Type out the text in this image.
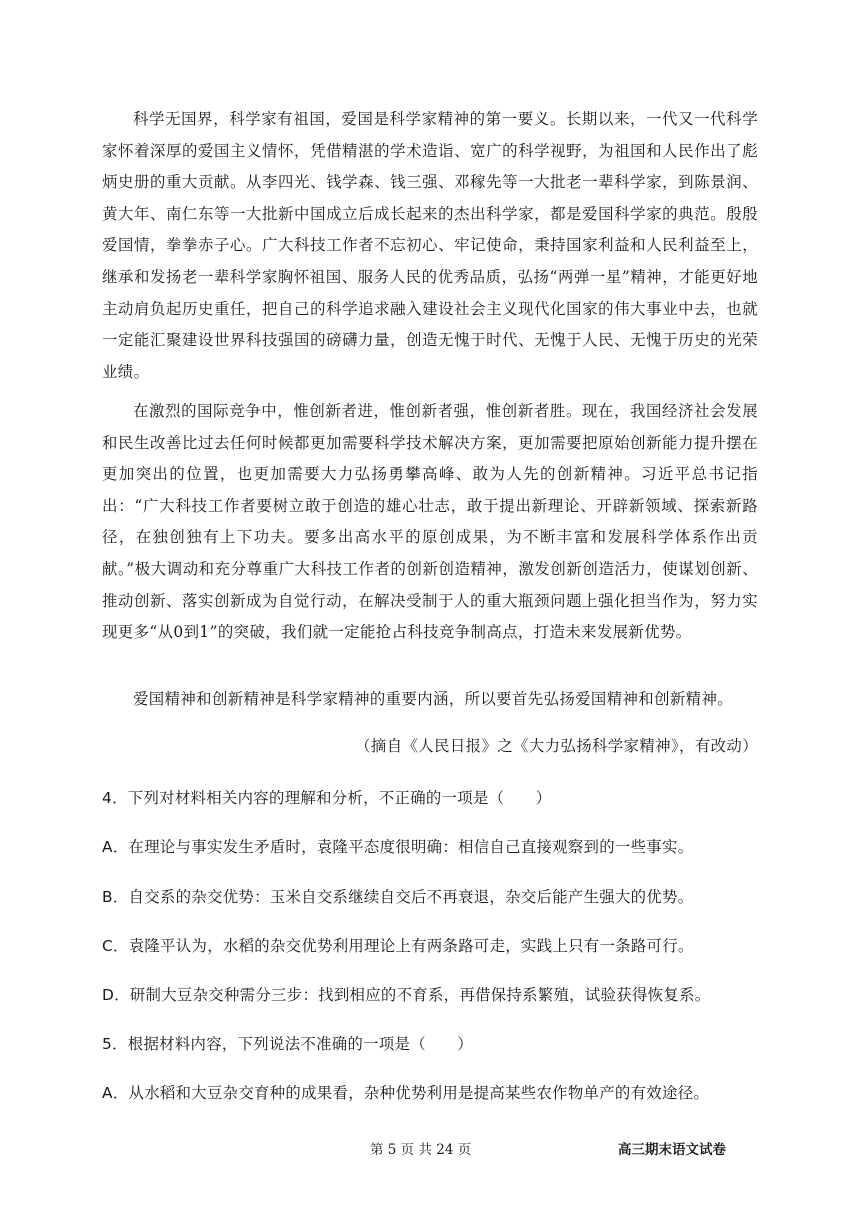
科学无国界，科学家有祖国，爱国是科学家精神的第一要义。长期以来，一代又一代科学家怀着深厚的爱国主义情怀，凭借精湛的学术造诣、宽广的科学视野，为祖国和人民作出了彪炳史册的重大贡献。从李四光、钱学森、钱三强、邓稼先等一大批老一辈科学家，到陈景润、黄大年、南仁东等一大批新中国成立后成长起来的杰出科学家，都是爱国科学家的典范。殷殷爱国情，拳拳赤子心。广大科技工作者不忘初心、牢记使命，秉持国家利益和人民利益至上，继承和发扬老一辈科学家胸怀祖国、服务人民的优秀品质，弘扬“两弹一星”精神，才能更好地主动肩负起历史重任，把自己的科学追求融入建设社会主义现代化国家的伟大事业中去，也就一定能汇聚建设世界科技强国的磅礴力量，创造无愧于时代、无愧于人民、无愧于历史的光荣业绩。

在激烈的国际竞争中，惟创新者进，惟创新者强，惟创新者胜。现在，我国经济社会发展和民生改善比过去任何时候都更加需要科学技术解决方案，更加需要把原始创新能力提升摆在更加突出的位置，也更加需要大力弘扬勇攀高峰、敢为人先的创新精神。习近平总书记指出：“广大科技工作者要树立敢于创造的雄心壮志，敢于提出新理论、开辟新领域、探索新路径，在独创独有上下功夫。要多出高水平的原创成果，为不断丰富和发展科学体系作出贡献。”极大调动和充分尊重广大科技工作者的创新创造精神，激发创新创造活力，使谋划创新、推动创新、落实创新成为自觉行动，在解决受制于人的重大瓶颈问题上强化担当作为，努力实现更多“从0到1”的突破，我们就一定能抢占科技竞争制高点，打造未来发展新优势。

爱国精神和创新精神是科学家精神的重要内涵，所以要首先弘扬爱国精神和创新精神。

（摘自《人民日报》之《大力弘扬科学家精神》，有改动）

4．下列对材料相关内容的理解和分析，不正确的一项是（　　）

A．在理论与事实发生矛盾时，袁隆平态度很明确：相信自己直接观察到的一些事实。

B．自交系的杂交优势：玉米自交系继续自交后不再衰退，杂交后能产生强大的优势。

C．袁隆平认为，水稻的杂交优势利用理论上有两条路可走，实践上只有一条路可行。

D．研制大豆杂交种需分三步：找到相应的不育系，再借保持系繁殖，试验获得恢复系。

5．根据材料内容，下列说法不准确的一项是（　　）

A．从水稻和大豆杂交育种的成果看，杂种优势利用是提高某些农作物单产的有效途径。

第 5 页 共 24 页	高三期末语文试卷
